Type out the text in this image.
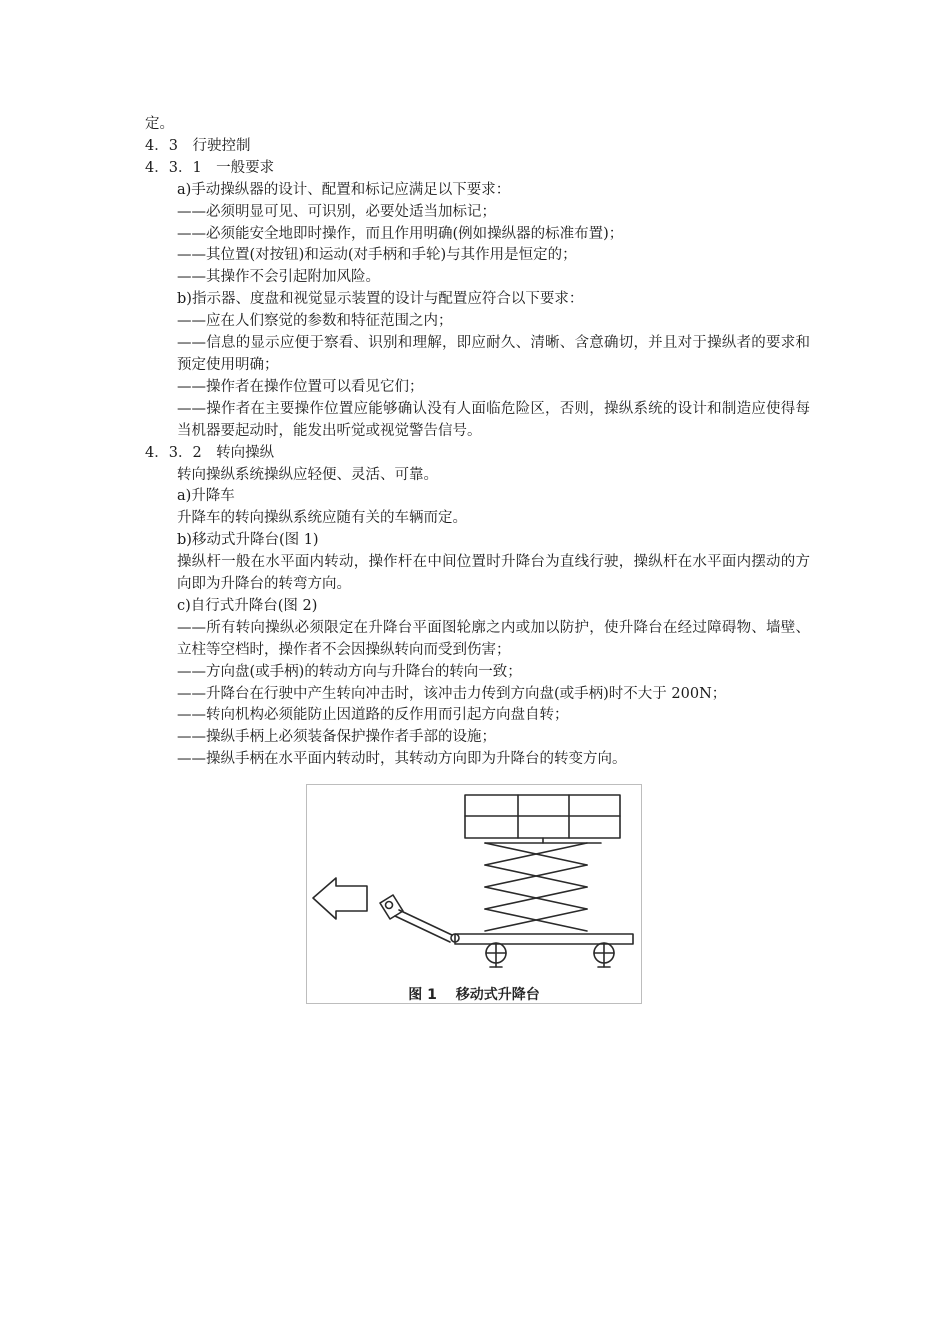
定。
4．3　行驶控制
4．3．1　一般要求
a)手动操纵器的设计、配置和标记应满足以下要求：
——必须明显可见、可识别，必要处适当加标记；
——必须能安全地即时操作，而且作用明确(例如操纵器的标准布置)；
——其位置(对按钮)和运动(对手柄和手轮)与其作用是恒定的；
——其操作不会引起附加风险。
b)指示器、度盘和视觉显示装置的设计与配置应符合以下要求：
——应在人们察觉的参数和特征范围之内；
——信息的显示应便于察看、识别和理解，即应耐久、清晰、含意确切，并且对于操纵者的要求和预定使用明确；
——操作者在操作位置可以看见它们；
——操作者在主要操作位置应能够确认没有人面临危险区，否则，操纵系统的设计和制造应使得每当机器要起动时，能发出听觉或视觉警告信号。
4．3．2　转向操纵
转向操纵系统操纵应轻便、灵活、可靠。
a)升降车
升降车的转向操纵系统应随有关的车辆而定。
b)移动式升降台(图 1)
操纵杆一般在水平面内转动，操作杆在中间位置时升降台为直线行驶，操纵杆在水平面内摆动的方向即为升降台的转弯方向。
c)自行式升降台(图 2)
——所有转向操纵必须限定在升降台平面图轮廓之内或加以防护，使升降台在经过障碍物、墙壁、立柱等空档时，操作者不会因操纵转向而受到伤害；
——方向盘(或手柄)的转动方向与升降台的转向一致；
——升降台在行驶中产生转向冲击时，该冲击力传到方向盘(或手柄)时不大于 200N；
——转向机构必须能防止因道路的反作用而引起方向盘自转；
——操纵手柄上必须装备保护操作者手部的设施；
——操纵手柄在水平面内转动时，其转动方向即为升降台的转变方向。
图 1　 移动式升降台
